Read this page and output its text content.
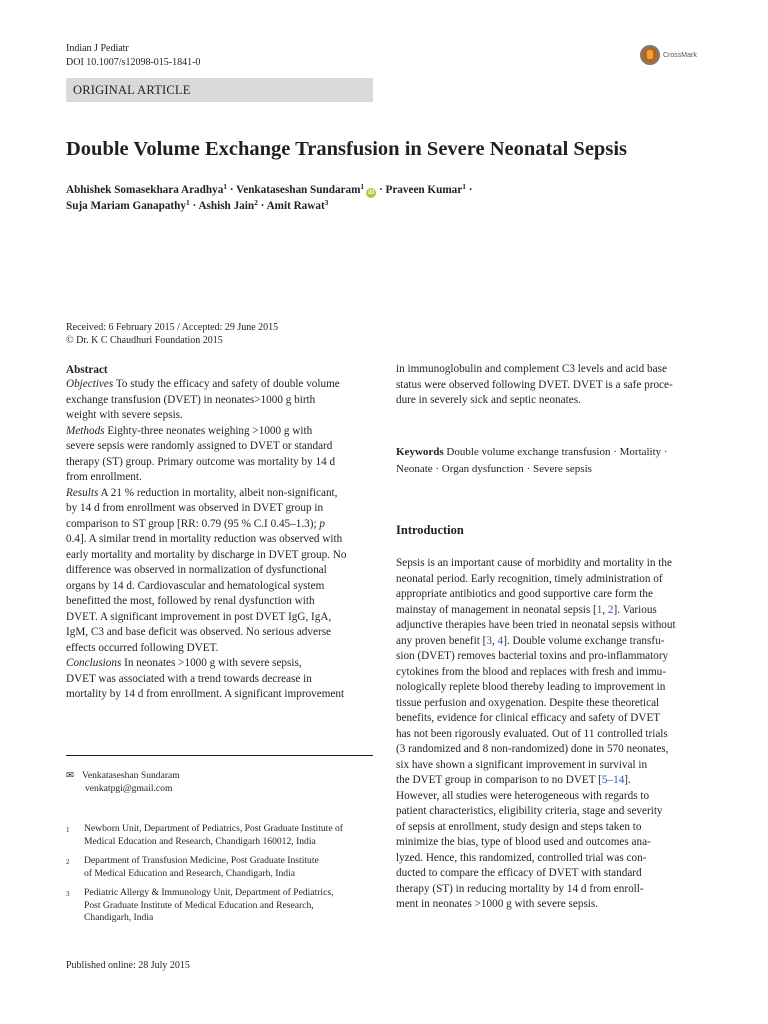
Indian J Pediatr
DOI 10.1007/s12098-015-1841-0
CrossMark
ORIGINAL ARTICLE
Double Volume Exchange Transfusion in Severe Neonatal Sepsis
Abhishek Somasekhara Aradhya$^1$ · Venkataseshan Sundaram$^1$iD · Praveen Kumar$^1$ ·
Suja Mariam Ganapathy$^1$ · Ashish Jain$^2$ · Amit Rawat$^3$
Received: 6 February 2015 / Accepted: 29 June 2015
© Dr. K C Chaudhuri Foundation 2015
Abstract
Objectives To study the efficacy and safety of double volume
exchange transfusion (DVET) in neonates>1000 g birth
weight with severe sepsis.
Methods Eighty-three neonates weighing >1000 g with
severe sepsis were randomly assigned to DVET or standard
therapy (ST) group. Primary outcome was mortality by 14 d
from enrollment.
Results A 21 % reduction in mortality, albeit non-significant,
by 14 d from enrollment was observed in DVET group in
comparison to ST group [RR: 0.79 (95 % C.I 0.45–1.3); p
0.4]. A similar trend in mortality reduction was observed with
early mortality and mortality by discharge in DVET group. No
difference was observed in normalization of dysfunctional
organs by 14 d. Cardiovascular and hematological system
benefitted the most, followed by renal dysfunction with
DVET. A significant improvement in post DVET IgG, IgA,
IgM, C3 and base deficit was observed. No serious adverse
effects occurred following DVET.
Conclusions In neonates >1000 g with severe sepsis,
DVET was associated with a trend towards decrease in
mortality by 14 d from enrollment. A significant improvement
in immunoglobulin and complement C3 levels and acid base
status were observed following DVET. DVET is a safe proce-
dure in severely sick and septic neonates.
Keywords Double volume exchange transfusion · Mortality ·
Neonate · Organ dysfunction · Severe sepsis
Introduction
Sepsis is an important cause of morbidity and mortality in the
neonatal period. Early recognition, timely administration of
appropriate antibiotics and good supportive care form the
mainstay of management in neonatal sepsis [1, 2]. Various
adjunctive therapies have been tried in neonatal sepsis without
any proven benefit [3, 4]. Double volume exchange transfu-
sion (DVET) removes bacterial toxins and pro-inflammatory
cytokines from the blood and replaces with fresh and immu-
nologically replete blood thereby leading to improvement in
tissue perfusion and oxygenation. Despite these theoretical
benefits, evidence for clinical efficacy and safety of DVET
has not been rigorously evaluated. Out of 11 controlled trials
(3 randomized and 8 non-randomized) done in 570 neonates,
six have shown a significant improvement in survival in
the DVET group in comparison to no DVET [5–14].
However, all studies were heterogeneous with regards to
patient characteristics, eligibility criteria, stage and severity
of sepsis at enrollment, study design and steps taken to
minimize the bias, type of blood used and outcomes ana-
lyzed. Hence, this randomized, controlled trial was con-
ducted to compare the efficacy of DVET with standard
therapy (ST) in reducing mortality by 14 d from enroll-
ment in neonates >1000 g with severe sepsis.
✉ Venkataseshan Sundaram
venkatpgi@gmail.com
1	Newborn Unit, Department of Pediatrics, Post Graduate Institute of
Medical Education and Research, Chandigarh 160012, India
2	Department of Transfusion Medicine, Post Graduate Institute
of Medical Education and Research, Chandigarh, India
3	Pediatric Allergy & Immunology Unit, Department of Pediatrics,
Post Graduate Institute of Medical Education and Research,
Chandigarh, India
Published online: 28 July 2015
